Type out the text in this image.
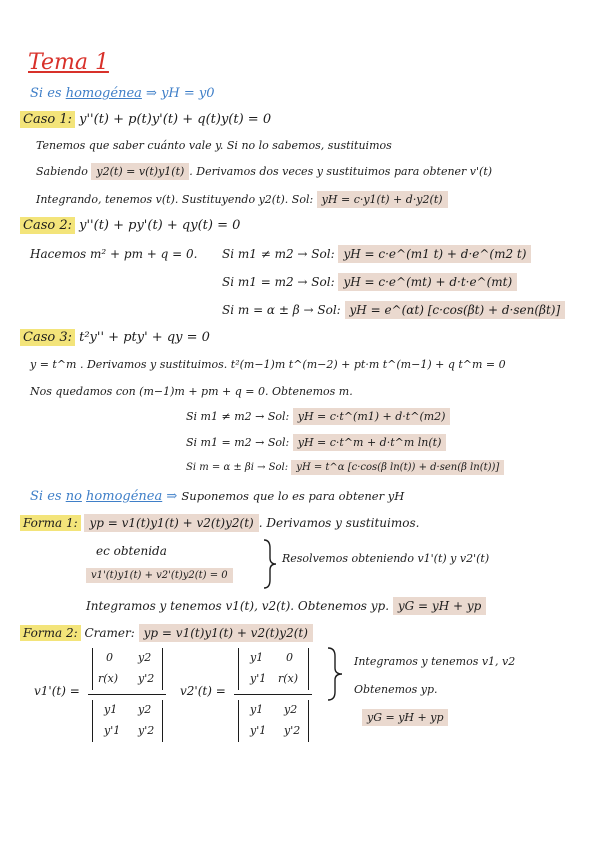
Tema 1
Si es homogénea ⇒ yH = y0
Caso 1: y''(t) + p(t)y'(t) + q(t)y(t) = 0
Tenemos que saber cuánto vale y. Si no lo sabemos, sustituimos
Sabiendo y2(t) = v(t)y1(t) . Derivamos dos veces y sustituimos para obtener v'(t)
Integrando, tenemos v(t). Sustituyendo y2(t). Sol: yH = c·y1(t) + d·y2(t)
Caso 2: y''(t) + py'(t) + qy(t) = 0
Hacemos m² + pm + q = 0. Si m1 ≠ m2 → Sol: yH = c·e^(m1 t) + d·e^(m2 t)
Si m1 = m2 → Sol: yH = c·e^(mt) + d·t·e^(mt)
Si m = α ± β → Sol: yH = e^(αt) [c·cos(βt) + d·sen(βt)]
Caso 3: t²y'' + pty' + qy = 0
y = t^m . Derivamos y sustituimos. t²(m−1)m t^(m−2) + pt·m t^(m−1) + q t^m = 0
Nos quedamos con (m−1)m + pm + q = 0. Obtenemos m.
Si m1 ≠ m2 → Sol: yH = c·t^(m1) + d·t^(m2)
Si m1 = m2 → Sol: yH = c·t^m + d·t^m ln(t)
Si m = α ± βi → Sol: yH = t^α [c·cos(β ln(t)) + d·sen(β ln(t))]
Si es no homogénea ⇒ Suponemos que lo es para obtener yH
Forma 1: yp = v1(t)y1(t) + v2(t)y2(t) . Derivamos y sustituimos.
ec obtenida
v1'(t)y1(t) + v2'(t)y2(t) = 0
Resolvemos obteniendo v1'(t) y v2'(t)
Integramos y tenemos v1(t), v2(t). Obtenemos yp. yG = yH + yp
Forma 2: Cramer: yp = v1(t)y1(t) + v2(t)y2(t)
v1'(t) =
0 y2
r(x) y'2
y1 y2
y'1 y'2
v2'(t) =
y1 0
y'1 r(x)
y1 y2
y'1 y'2
Integramos y tenemos v1, v2
Obtenemos yp.
yG = yH + yp
